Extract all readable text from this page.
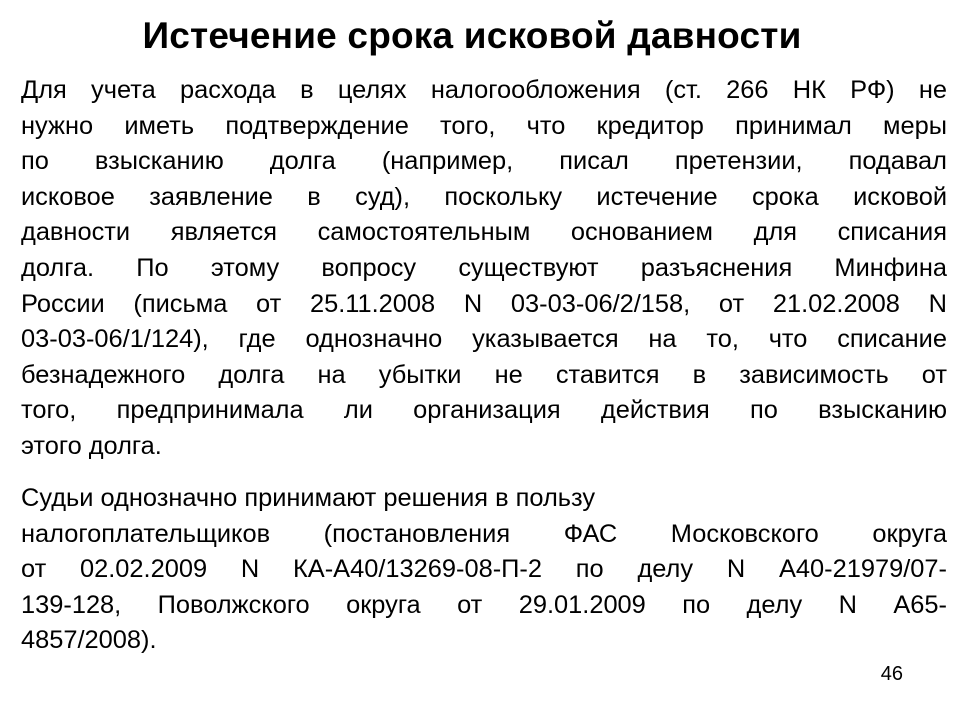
Истечение срока исковой давности
Для учета расхода в целях налогообложения (ст. 266 НК РФ) не
нужно иметь подтверждение того, что кредитор принимал меры
по взысканию долга (например, писал претензии, подавал
исковое заявление в суд), поскольку истечение срока исковой
давности является самостоятельным основанием для списания
долга. По этому вопросу существуют разъяснения Минфина
России (письма от 25.11.2008 N 03-03-06/2/158, от 21.02.2008 N
03-03-06/1/124), где однозначно указывается на то, что списание
безнадежного долга на убытки не ставится в зависимость от
того, предпринимала ли организация действия по взысканию
этого долга.
Судьи однозначно принимают решения в пользу
налогоплательщиков (постановления ФАС Московского округа
от 02.02.2009 N КА-А40/13269-08-П-2 по делу N А40-21979/07-
139-128, Поволжского округа от 29.01.2009 по делу N А65-
4857/2008).
46
